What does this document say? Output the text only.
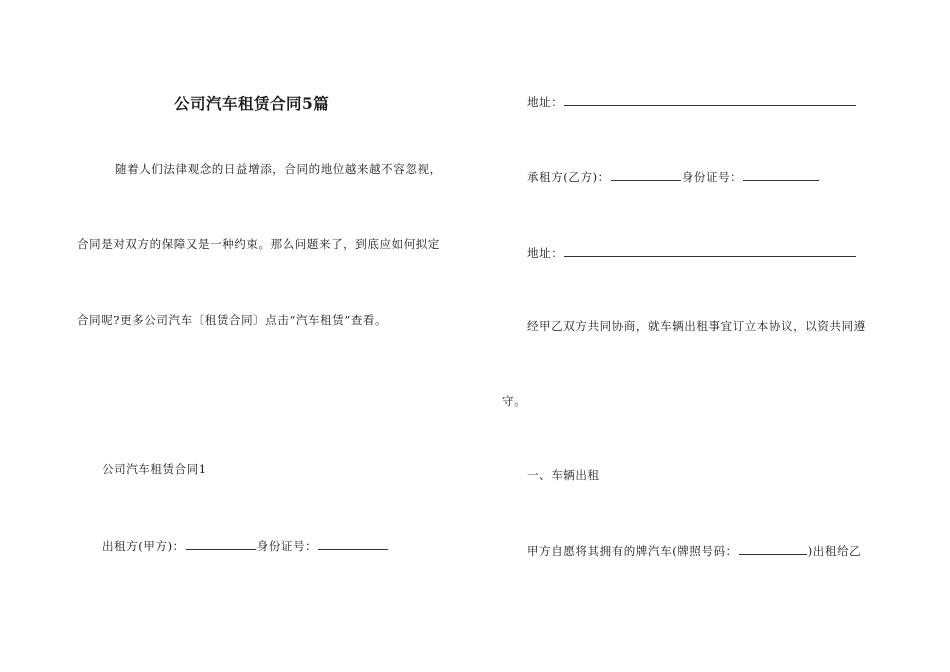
公司汽车租赁合同5篇
随着人们法律观念的日益增添，合同的地位越来越不容忽视，
合同是对双方的保障又是一种约束。那么问题来了，到底应如何拟定
合同呢?更多公司汽车〔租赁合同〕点击“汽车租赁”查看。
公司汽车租赁合同1
出租方(甲方)：	身份证号：
地址：
承租方(乙方)：	身份证号：
地址：
经甲乙双方共同协商，就车辆出租事宜订立本协议，以资共同遵
守。
一、车辆出租
甲方自愿将其拥有的牌汽车(牌照号码：	)出租给乙
